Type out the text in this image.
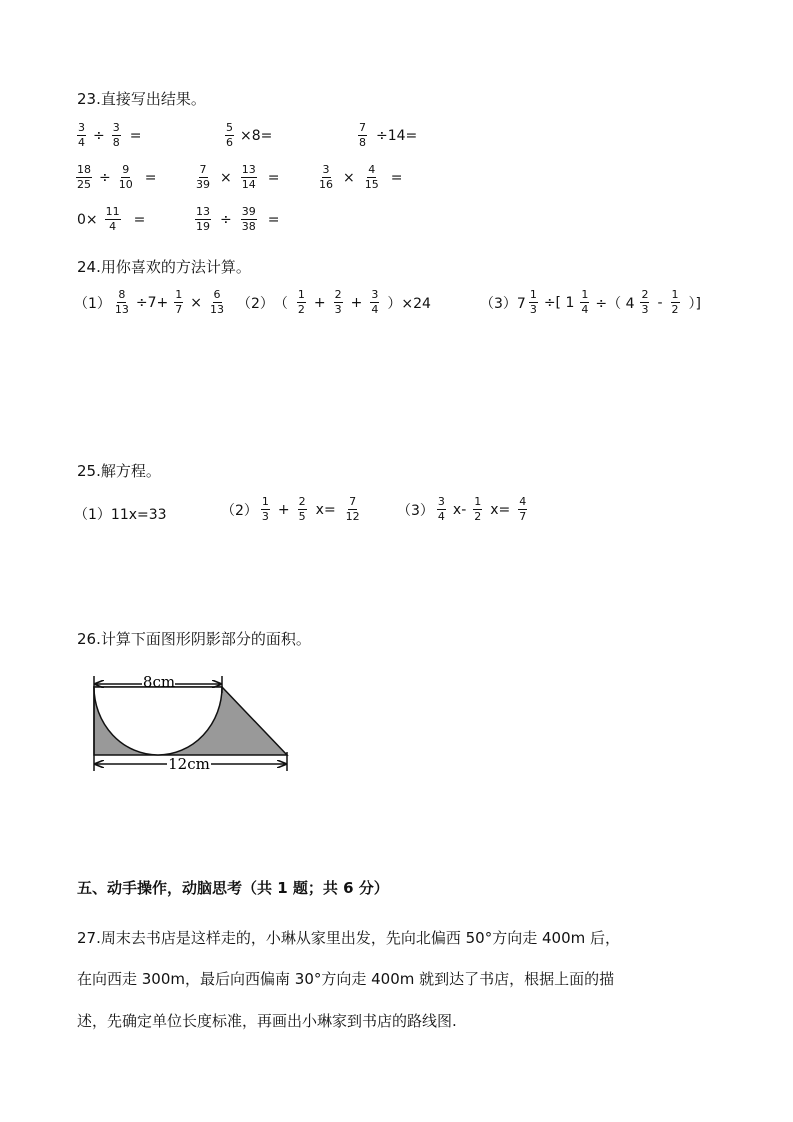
23.直接写出结果。
$\frac{3}{4} \div \frac{3}{8}$ =	$\frac{5}{6} \times 8=$	$\frac{7}{8} \div 14=$
$\frac{18}{25} \div \frac{9}{10}$ =	$\frac{7}{39} \times \frac{13}{14}$ =	$\frac{3}{16} \times \frac{4}{15}$ =
$0\times \frac{11}{4}$ =	$\frac{13}{19} \div \frac{39}{38}$ =
24.用你喜欢的方法计算。
$(1) \frac{8}{13} \div 7+ \frac{1}{7} \times \frac{6}{13} (2)$ （ $\frac{1}{2} + \frac{2}{3} + \frac{3}{4} )\times 24$	$(3)7 \frac{1}{3}$ ÷[ $1 \frac{1}{4}$ ÷（ $4 \frac{2}{3} - \frac{1}{2}$ ）]
25.解方程。
（1）11x=33	$(2) \frac{1}{3} + \frac{2}{5} x= \frac{7}{12}$	$(3) \frac{3}{4} x- \frac{1}{2} x= \frac{4}{7}$
26.计算下面图形阴影部分的面积。
8cm
12cm
五、动手操作，动脑思考（共 1 题；共 6 分）
27.周末去书店是这样走的，小琳从家里出发，先向北偏西 50°方向走 400m 后，
在向西走 300m，最后向西偏南 30°方向走 400m 就到达了书店，根据上面的描
述，先确定单位长度标准，再画出小琳家到书店的路线图.
